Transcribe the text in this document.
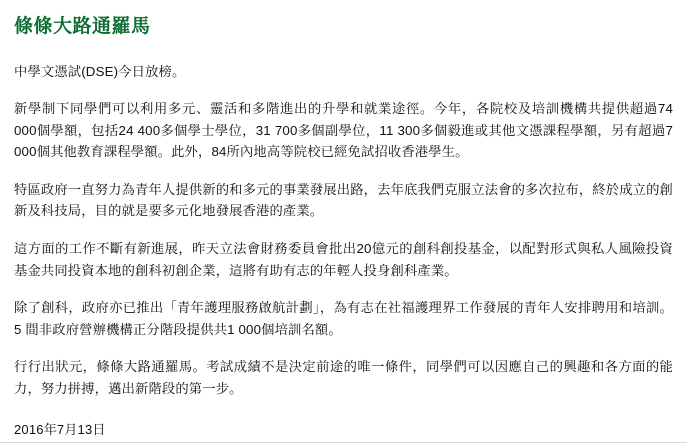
條條大路通羅馬

中學文憑試(DSE)今日放榜。

新學制下同學們可以利用多元、靈活和多階進出的升學和就業途徑。今年，各院校及培訓機構共提供超過74 000個學額，包括24 400多個學士學位，31 700多個副學位，11 300多個毅進或其他文憑課程學額，另有超過7 000個其他教育課程學額。此外，84所內地高等院校已經免試招收香港學生。

特區政府一直努力為青年人提供新的和多元的事業發展出路，去年底我們克服立法會的多次拉布，終於成立的創新及科技局，目的就是要多元化地發展香港的產業。

這方面的工作不斷有新進展，昨天立法會財務委員會批出20億元的創科創投基金，以配對形式與私人風險投資基金共同投資本地的創科初創企業，這將有助有志的年輕人投身創科產業。

除了創科，政府亦已推出「青年護理服務啟航計劃」，為有志在社福護理界工作發展的青年人安排聘用和培訓。5 間非政府營辦機構正分階段提供共1 000個培訓名額。

行行出狀元，條條大路通羅馬。考試成績不是決定前途的唯一條件，同學們可以因應自己的興趣和各方面的能力，努力拼搏，邁出新階段的第一步。

2016年7月13日
